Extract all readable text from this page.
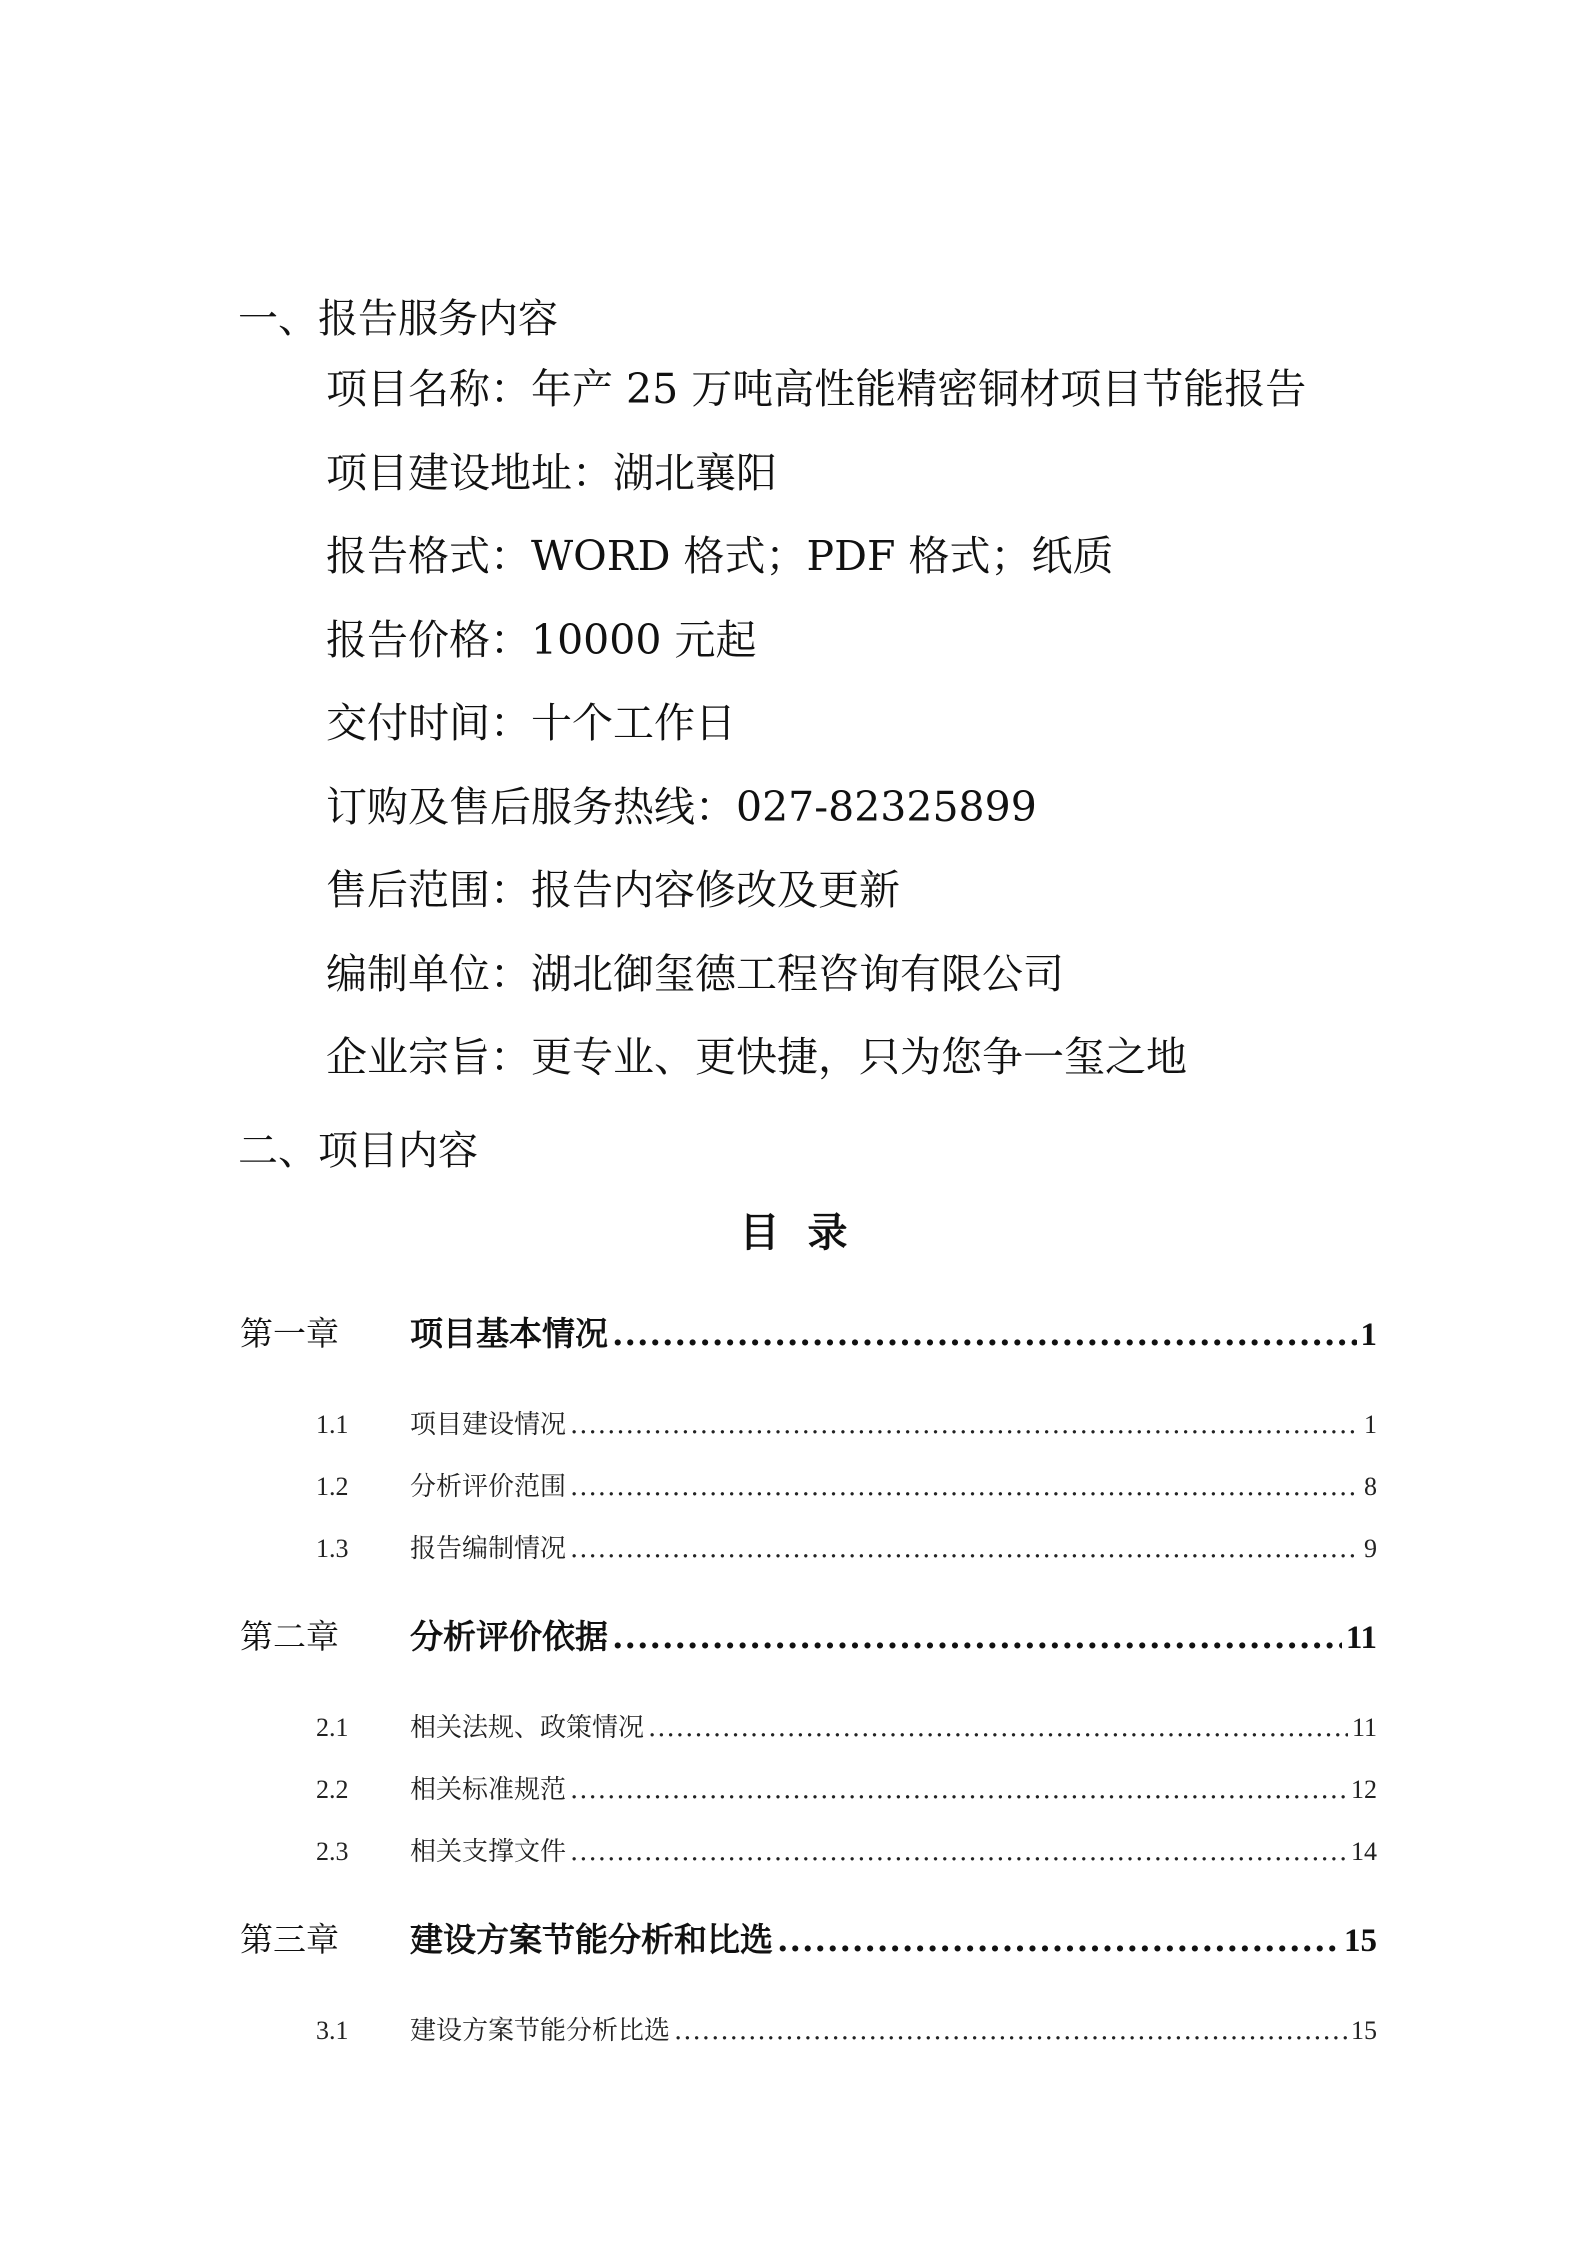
一、报告服务内容
项目名称：年产 25 万吨高性能精密铜材项目节能报告
项目建设地址：湖北襄阳
报告格式：WORD 格式；PDF 格式；纸质
报告价格：10000 元起
交付时间：十个工作日
订购及售后服务热线：027-82325899
售后范围：报告内容修改及更新
编制单位：湖北御玺德工程咨询有限公司
企业宗旨：更专业、更快捷，只为您争一玺之地
二、项目内容
目录
第一章 项目基本情况 .....	1
1.1 项目建设情况 .....	1
1.2 分析评价范围 .....	8
1.3 报告编制情况 .....	9
第二章 分析评价依据 .....	11
2.1 相关法规、政策情况 .....	11
2.2 相关标准规范 .....	12
2.3 相关支撑文件 .....	14
第三章 建设方案节能分析和比选 .....	15
3.1 建设方案节能分析比选 .....	15
